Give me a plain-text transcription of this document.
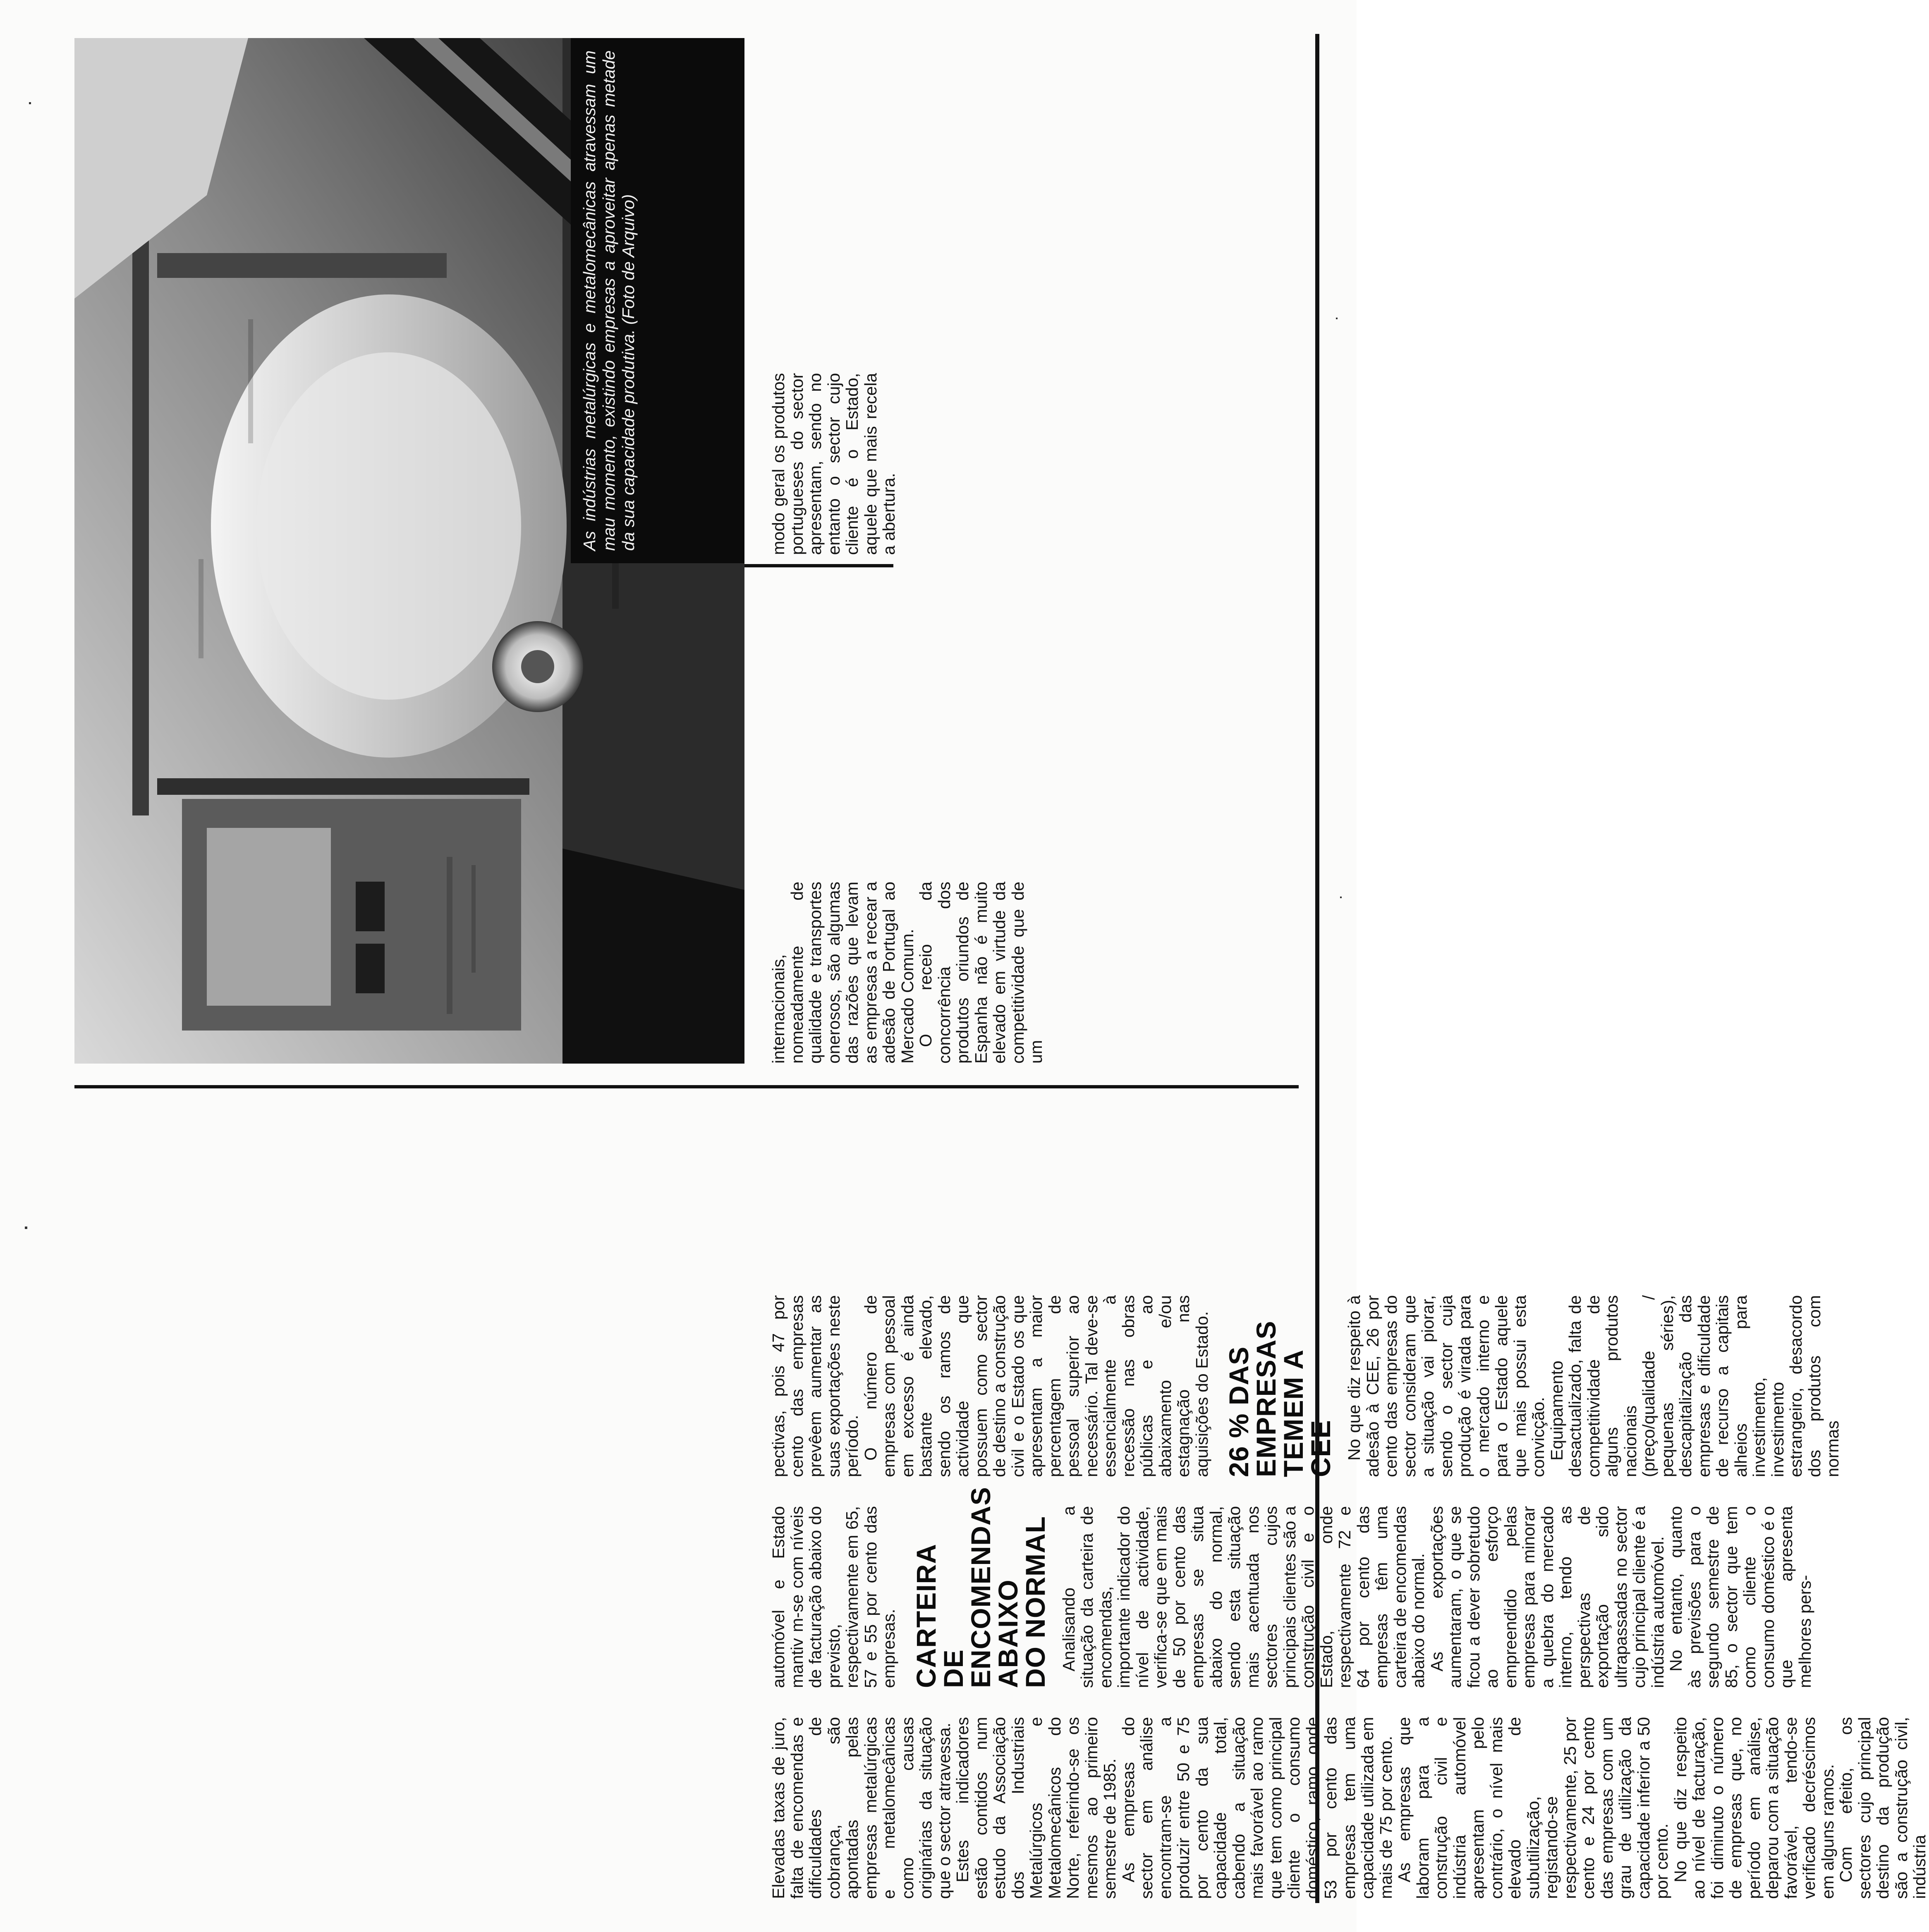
Elevadas taxas de juro, falta de encomendas e dificuldades de cobrança, são apontadas pelas empresas metalúrgicas e metalomecânicas como causas originárias da situação que o sector atravessa.

Estes indicadores estão contidos num estudo da Associação dos Industriais Metalúrgicos e Metalomecânicos do Norte, referindo-se os mesmos ao primeiro semestre de 1985.

As empresas do sector em análise encontram-se a produzir entre 50 e 75 por cento da sua capacidade total, cabendo a situação mais favorável ao ramo que tem como principal cliente o consumo doméstico, ramo onde 53 por cento das empresas tem uma capacidade utilizada em mais de 75 por cento.

As empresas que laboram para a construção civil e indústria automóvel apresentam pelo contrário, o nível mais elevado de subutilização, registando-se respectivamente, 25 por cento e 24 por cento das empresas com um grau de utilização da capacidade inferior a 50 por cento.

No que diz respeito ao nível de facturação, foi diminuto o número de empresas que, no período em análise, deparou com a situação favorável, tendo-se verificado decréscimos em alguns ramos.

Com efeito, os sectores cujo principal destino da produção são a construção civil, indústria

automóvel e Estado mantiv m-se com níveis de facturação abaixo do previsto, respectivamente em 65, 57 e 55 por cento das empresas. CARTEIRA
DE ENCOMENDAS
ABAIXO
DO NORMAL Analisando a situação da carteira de encomendas, importante indicador do nível de actividade, verifica-se que em mais de 50 por cento das empresas se situa abaixo do normal, sendo esta situação mais acentuada nos sectores cujos principais clientes são a construção civil e o Estado, onde respectivamente 72 e 64 por cento das empresas têm uma carteira de encomendas abaixo do normal.

As exportações aumentaram, o que se ficou a dever sobretudo ao esforço empreendido pelas empresas para minorar a quebra do mercado interno, tendo as perspectivas de exportação sido ultrapassadas no sector cujo principal cliente é a indústria automóvel.

No entanto, quanto às previsões para o segundo semestre de 85, o sector que tem como cliente o consumo doméstico é o que apresenta melhores pers-

pectivas, pois 47 por cento das empresas prevêem aumentar as suas exportações neste período.

O número de empresas com pessoal em excesso é ainda bastante elevado, sendo os ramos de actividade que possuem como sector de destino a construção civil e o Estado os que apresentam a maior percentagem de pessoal superior ao necessário. Tal deve-se essencialmente à recessão nas obras públicas e ao abaixamento e/ou estagnação nas aquisições do Estado. 26 % DAS
EMPRESAS
TEMEM A CEE No que diz respeito à adesão à CEE, 26 por cento das empresas do sector consideram que a situação vai piorar, sendo o sector cuja produção é virada para o mercado interno e para o Estado aquele que mais possui esta convicção.

Equipamento desactualizado, falta de competitividade de alguns produtos nacionais (preço/qualidade / pequenas séries), descapitalização das empresas e dificuldade de recurso a capitais alheios para investimento, investimento estrangeiro, desacordo dos produtos com normas

internacionais, nomeadamente de qualidade e transportes onerosos, são algumas das razões que levam as empresas a recear a adesão de Portugal ao Mercado Comum.

O receio da concorrência dos produtos oriundos de Espanha não é muito elevado em virtude da competitividade que de um

modo geral os produtos portugueses do sector apresentam, sendo no entanto o sector cujo cliente é o Estado, aquele que mais recela a abertura.

As indústrias metalúrgicas e metalomecânicas atravessam um mau momento, existindo empresas a aproveitar apenas metade da sua capacidade produtiva. (Foto de Arquivo)
